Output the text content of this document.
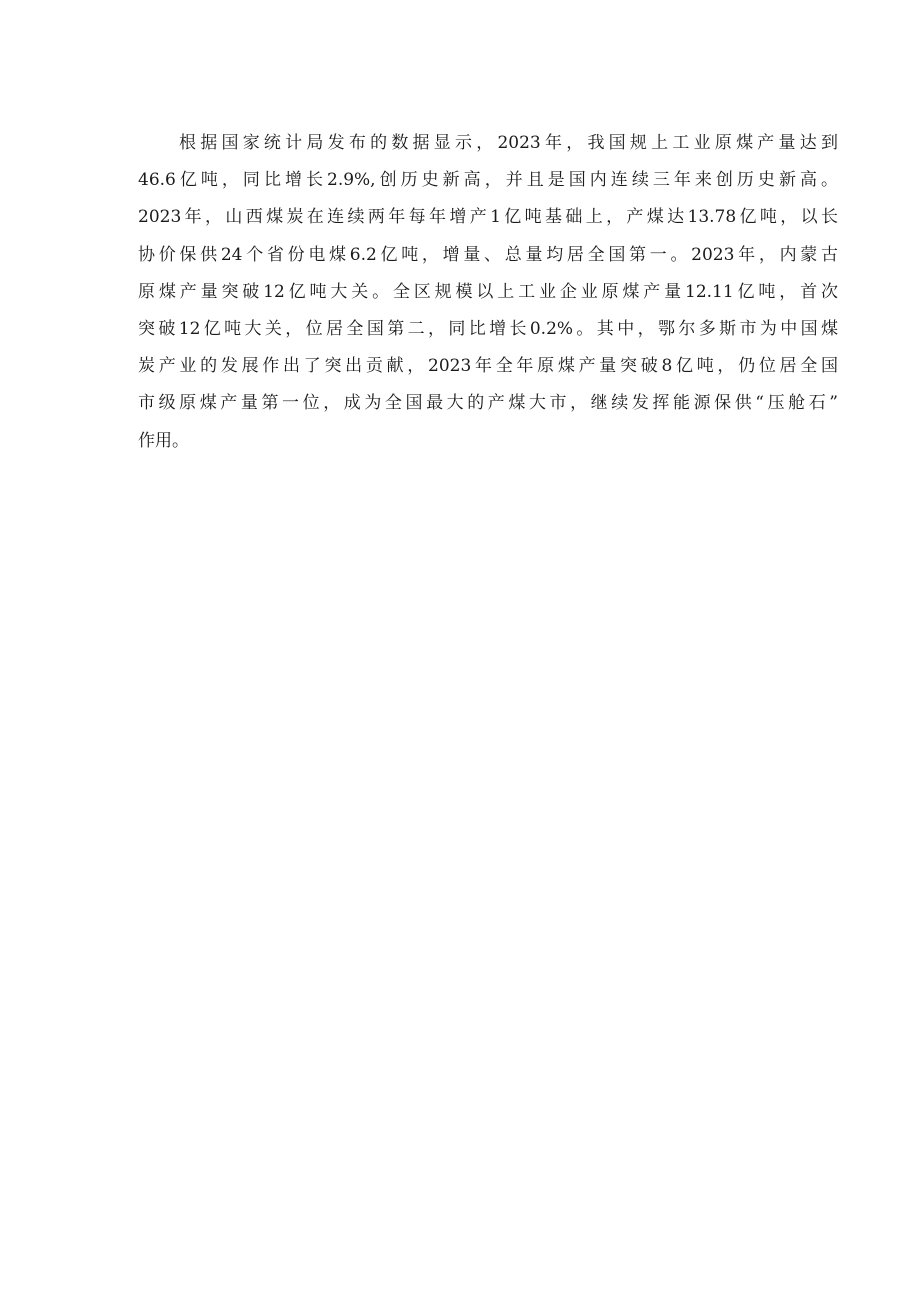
根据国家统计局发布的数据显示，2023年，我国规上工业原煤产量达到
46.6亿吨，同比增长2.9%,创历史新高，并且是国内连续三年来创历史新高。
2023年，山西煤炭在连续两年每年增产1亿吨基础上，产煤达13.78亿吨，以长
协价保供24个省份电煤6.2亿吨，增量、总量均居全国第一。2023年，内蒙古
原煤产量突破12亿吨大关。全区规模以上工业企业原煤产量12.11亿吨，首次
突破12亿吨大关，位居全国第二，同比增长0.2%。其中，鄂尔多斯市为中国煤
炭产业的发展作出了突出贡献，2023年全年原煤产量突破8亿吨，仍位居全国
市级原煤产量第一位，成为全国最大的产煤大市，继续发挥能源保供“压舱石”
作用。
